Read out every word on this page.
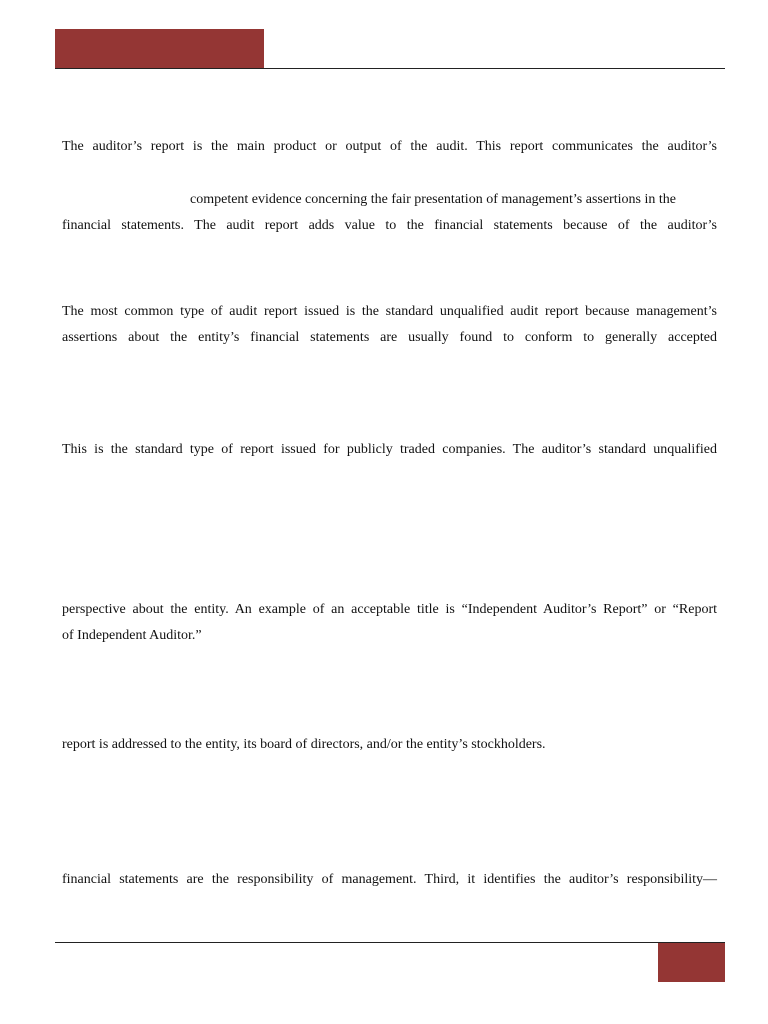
The auditor’s report is the main product or output of the audit. This report communicates the auditor’s
competent evidence concerning the fair presentation of management’s assertions in the
financial statements. The audit report adds value to the financial statements because of the auditor’s
The most common type of audit report issued is the standard unqualified audit report because management’s
assertions about the entity’s financial statements are usually found to conform to generally accepted
This is the standard type of report issued for publicly traded companies. The auditor’s standard unqualified
perspective about the entity. An example of an acceptable title is “Independent Auditor’s Report” or “Report
of Independent Auditor.”
report is addressed to the entity, its board of directors, and/or the entity’s stockholders.
financial statements are the responsibility of management. Third, it identifies the auditor’s responsibility—
